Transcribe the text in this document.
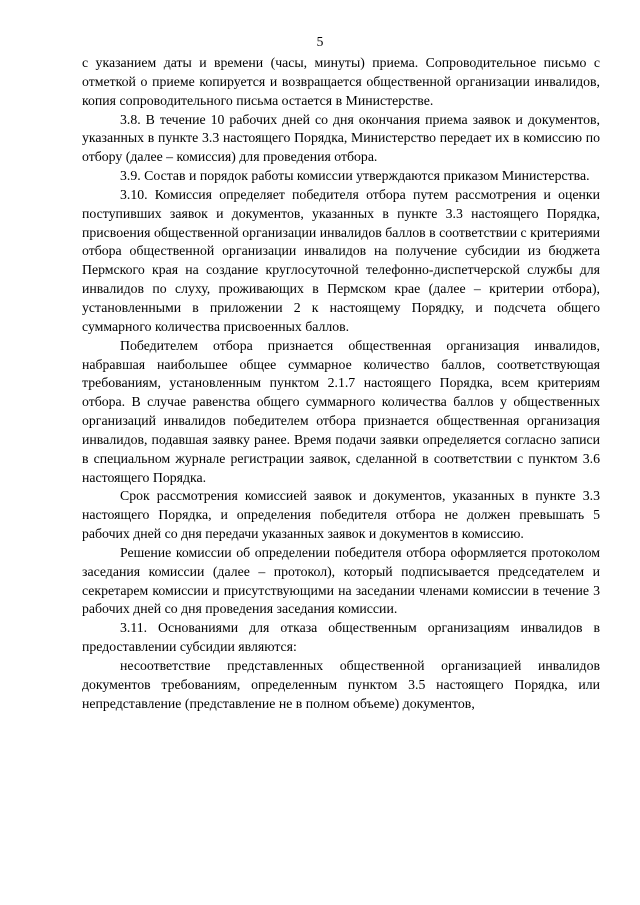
5

с указанием даты и времени (часы, минуты) приема. Сопроводительное письмо с отметкой о приеме копируется и возвращается общественной организации инвалидов, копия сопроводительного письма остается в Министерстве.

3.8. В течение 10 рабочих дней со дня окончания приема заявок и документов, указанных в пункте 3.3 настоящего Порядка, Министерство передает их в комиссию по отбору (далее – комиссия) для проведения отбора.

3.9. Состав и порядок работы комиссии утверждаются приказом Министерства.

3.10. Комиссия определяет победителя отбора путем рассмотрения и оценки поступивших заявок и документов, указанных в пункте 3.3 настоящего Порядка, присвоения общественной организации инвалидов баллов в соответствии с критериями отбора общественной организации инвалидов на получение субсидии из бюджета Пермского края на создание круглосуточной телефонно-диспетчерской службы для инвалидов по слуху, проживающих в Пермском крае (далее – критерии отбора), установленными в приложении 2 к настоящему Порядку, и подсчета общего суммарного количества присвоенных баллов.

Победителем отбора признается общественная организация инвалидов, набравшая наибольшее общее суммарное количество баллов, соответствующая требованиям, установленным пунктом 2.1.7 настоящего Порядка, всем критериям отбора. В случае равенства общего суммарного количества баллов у общественных организаций инвалидов победителем отбора признается общественная организация инвалидов, подавшая заявку ранее. Время подачи заявки определяется согласно записи в специальном журнале регистрации заявок, сделанной в соответствии с пунктом 3.6 настоящего Порядка.

Срок рассмотрения комиссией заявок и документов, указанных в пункте 3.3 настоящего Порядка, и определения победителя отбора не должен превышать 5 рабочих дней со дня передачи указанных заявок и документов в комиссию.

Решение комиссии об определении победителя отбора оформляется протоколом заседания комиссии (далее – протокол), который подписывается председателем и секретарем комиссии и присутствующими на заседании членами комиссии в течение 3 рабочих дней со дня проведения заседания комиссии.

3.11. Основаниями для отказа общественным организациям инвалидов в предоставлении субсидии являются:

несоответствие представленных общественной организацией инвалидов документов требованиям, определенным пунктом 3.5 настоящего Порядка, или непредставление (представление не в полном объеме) документов,
